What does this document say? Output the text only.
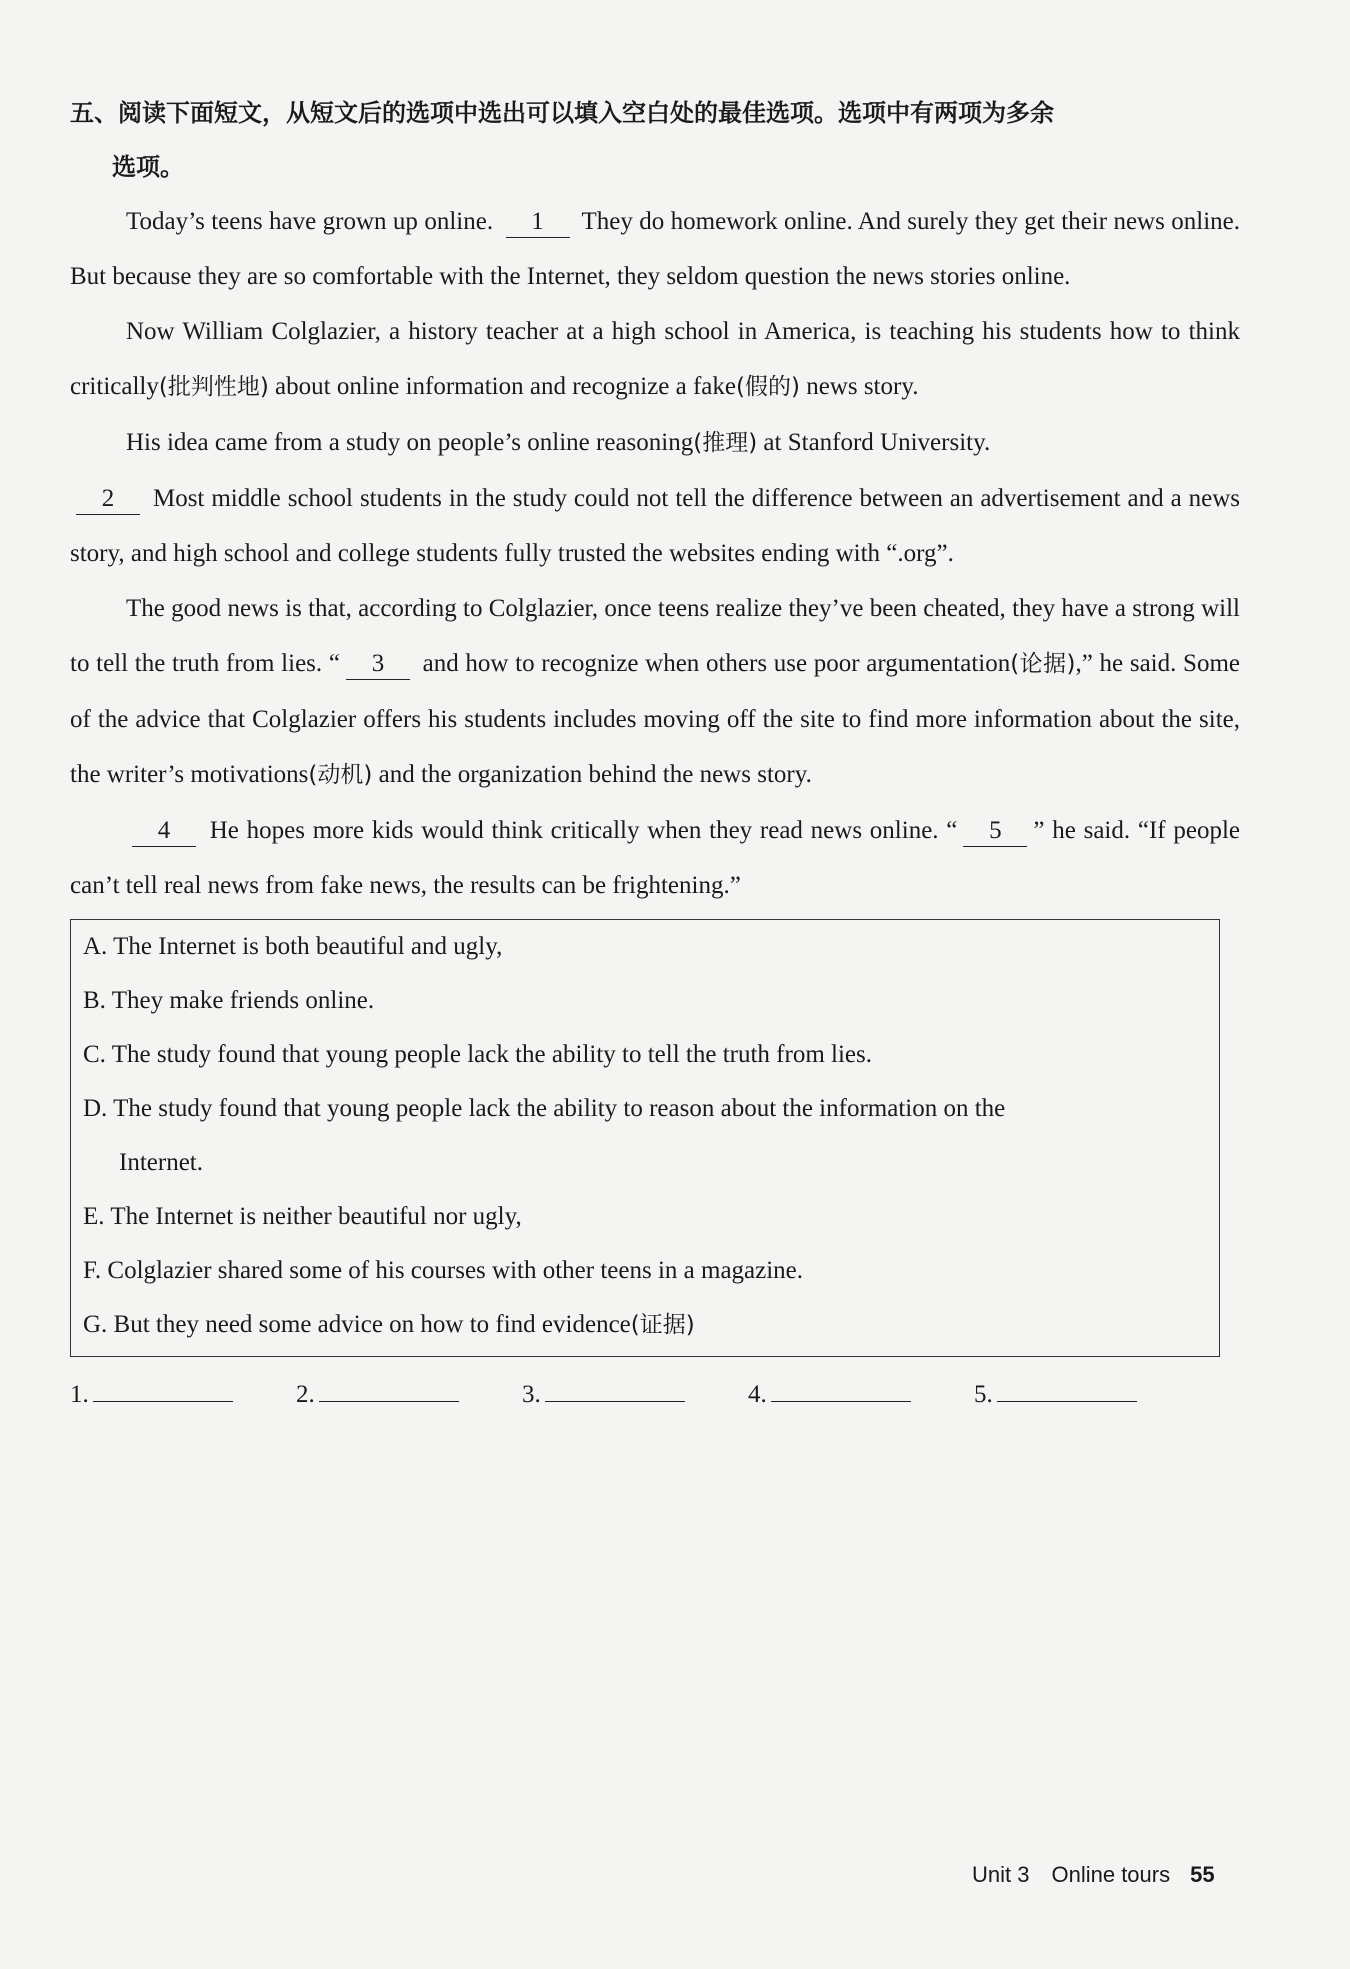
五、阅读下面短文，从短文后的选项中选出可以填入空白处的最佳选项。选项中有两项为多余
选项。

Today’s teens have grown up online. 1 They do homework online. And surely they get their news online. But because they are so comfortable with the Internet, they seldom question the news stories online.

Now William Colglazier, a history teacher at a high school in America, is teaching his students how to think critically(批判性地) about online information and recognize a fake(假的) news story.

His idea came from a study on people’s online reasoning(推理) at Stanford University.

2 Most middle school students in the study could not tell the difference between an advertisement and a news story, and high school and college students fully trusted the websites ending with “.org”.

The good news is that, according to Colglazier, once teens realize they’ve been cheated, they have a strong will to tell the truth from lies. “ 3 and how to recognize when others use poor argumentation(论据),” he said. Some of the advice that Colglazier offers his students includes moving off the site to find more information about the site, the writer’s motivations(动机) and the organization behind the news story.

4 He hopes more kids would think critically when they read news online. “ 5 ” he said. “If people can’t tell real news from fake news, the results can be frightening.”

A. The Internet is both beautiful and ugly,

B. They make friends online.

C. The study found that young people lack the ability to tell the truth from lies.

D. The study found that young people lack the ability to reason about the information on the
Internet.

E. The Internet is neither beautiful nor ugly,

F. Colglazier shared some of his courses with other teens in a magazine.

G. But they need some advice on how to find evidence(证据)

1.	2.	3.	4.	5.
Unit 3 Online tours 55
